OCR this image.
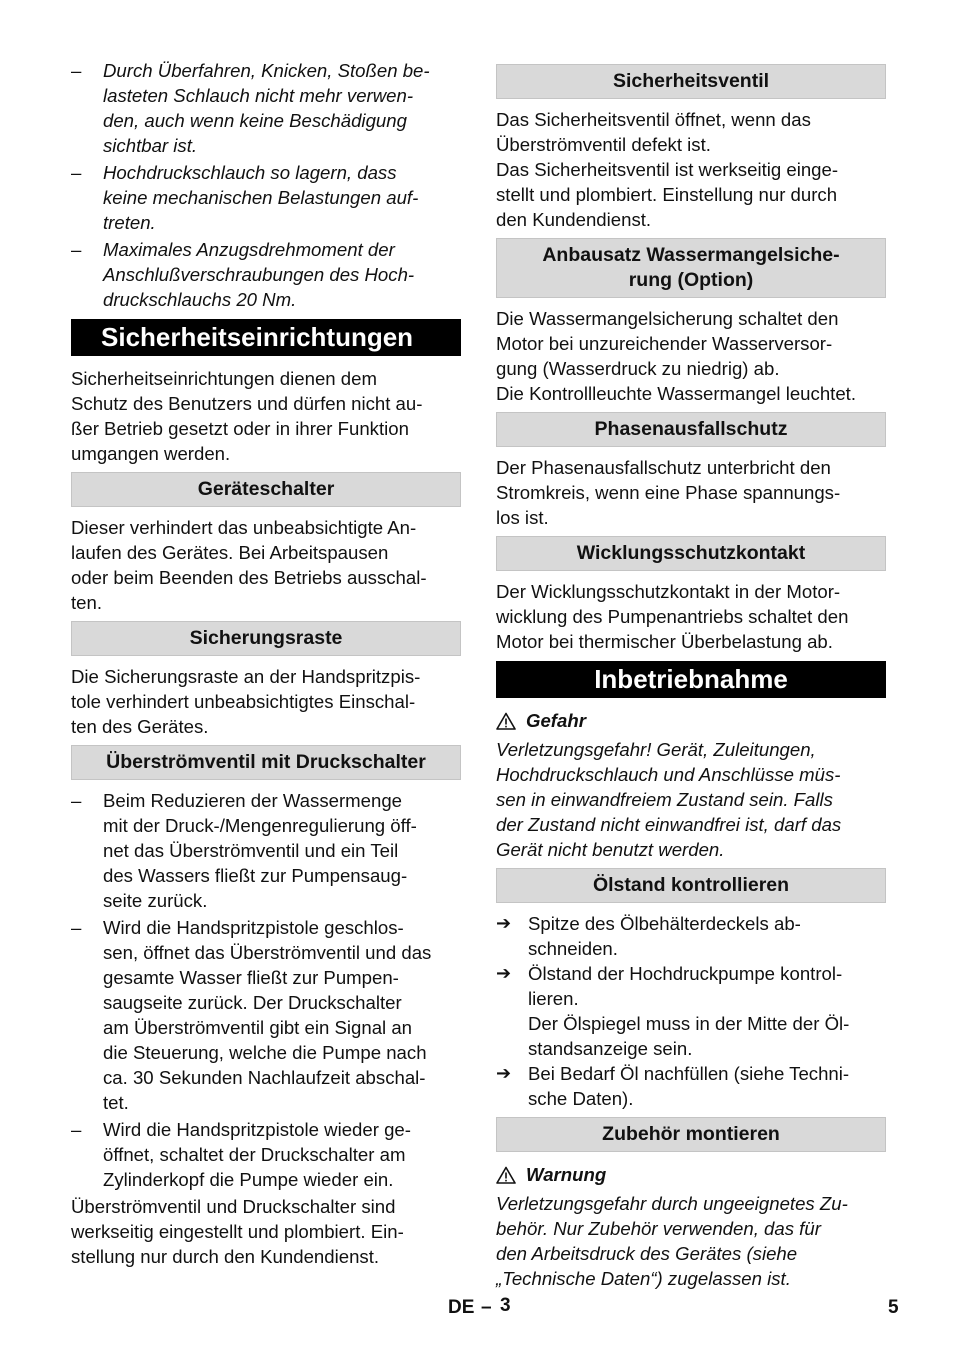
–	Durch Überfahren, Knicken, Stoßen be-
lasteten Schlauch nicht mehr verwen-
den, auch wenn keine Beschädigung
sichtbar ist.

–	Hochdruckschlauch so lagern, dass
keine mechanischen Belastungen auf-
treten.

–	Maximales Anzugsdrehmoment der
Anschlußverschraubungen des Hoch-
druckschlauchs 20 Nm.

Sicherheitseinrichtungen

Sicherheitseinrichtungen dienen dem
Schutz des Benutzers und dürfen nicht au-
ßer Betrieb gesetzt oder in ihrer Funktion
umgangen werden.

Geräteschalter

Dieser verhindert das unbeabsichtigte An-
laufen des Gerätes. Bei Arbeitspausen
oder beim Beenden des Betriebs ausschal-
ten.

Sicherungsraste

Die Sicherungsraste an der Handspritzpis-
tole verhindert unbeabsichtigtes Einschal-
ten des Gerätes.

Überströmventil mit Druckschalter
–	Beim Reduzieren der Wassermenge
mit der Druck-/Mengenregulierung öff-
net das Überströmventil und ein Teil
des Wassers fließt zur Pumpensaug-
seite zurück.

–	Wird die Handspritzpistole geschlos-
sen, öffnet das Überströmventil und das
gesamte Wasser fließt zur Pumpen-
saugseite zurück. Der Druckschalter
am Überströmventil gibt ein Signal an
die Steuerung, welche die Pumpe nach
ca. 30 Sekunden Nachlaufzeit abschal-
tet.

–	Wird die Handspritzpistole wieder ge-
öffnet, schaltet der Druckschalter am
Zylinderkopf die Pumpe wieder ein.

Überströmventil und Druckschalter sind
werkseitig eingestellt und plombiert. Ein-
stellung nur durch den Kundendienst.

Sicherheitsventil

Das Sicherheitsventil öffnet, wenn das
Überströmventil defekt ist.
Das Sicherheitsventil ist werkseitig einge-
stellt und plombiert. Einstellung nur durch
den Kundendienst.

Anbausatz Wassermangelsiche-
rung (Option)

Die Wassermangelsicherung schaltet den
Motor bei unzureichender Wasserversor-
gung (Wasserdruck zu niedrig) ab.
Die Kontrollleuchte Wassermangel leuchtet.

Phasenausfallschutz

Der Phasenausfallschutz unterbricht den
Stromkreis, wenn eine Phase spannungs-
los ist.

Wicklungsschutzkontakt

Der Wicklungsschutzkontakt in der Motor-
wicklung des Pumpenantriebs schaltet den
Motor bei thermischer Überbelastung ab.

Inbetriebnahme
Gefahr

Verletzungsgefahr! Gerät, Zuleitungen,
Hochdruckschlauch und Anschlüsse müs-
sen in einwandfreiem Zustand sein. Falls
der Zustand nicht einwandfrei ist, darf das
Gerät nicht benutzt werden.

Ölstand kontrollieren
➔ Spitze des Ölbehälterdeckels ab-
schneiden.

➔ Ölstand der Hochdruckpumpe kontrol-
lieren.
Der Ölspiegel muss in der Mitte der Öl-
standsanzeige sein.

➔ Bei Bedarf Öl nachfüllen (siehe Techni-
sche Daten).

Zubehör montieren
Warnung

Verletzungsgefahr durch ungeeignetes Zu-
behör. Nur Zubehör verwenden, das für
den Arbeitsdruck des Gerätes (siehe
„Technische Daten“) zugelassen ist.

DE – 3	5
